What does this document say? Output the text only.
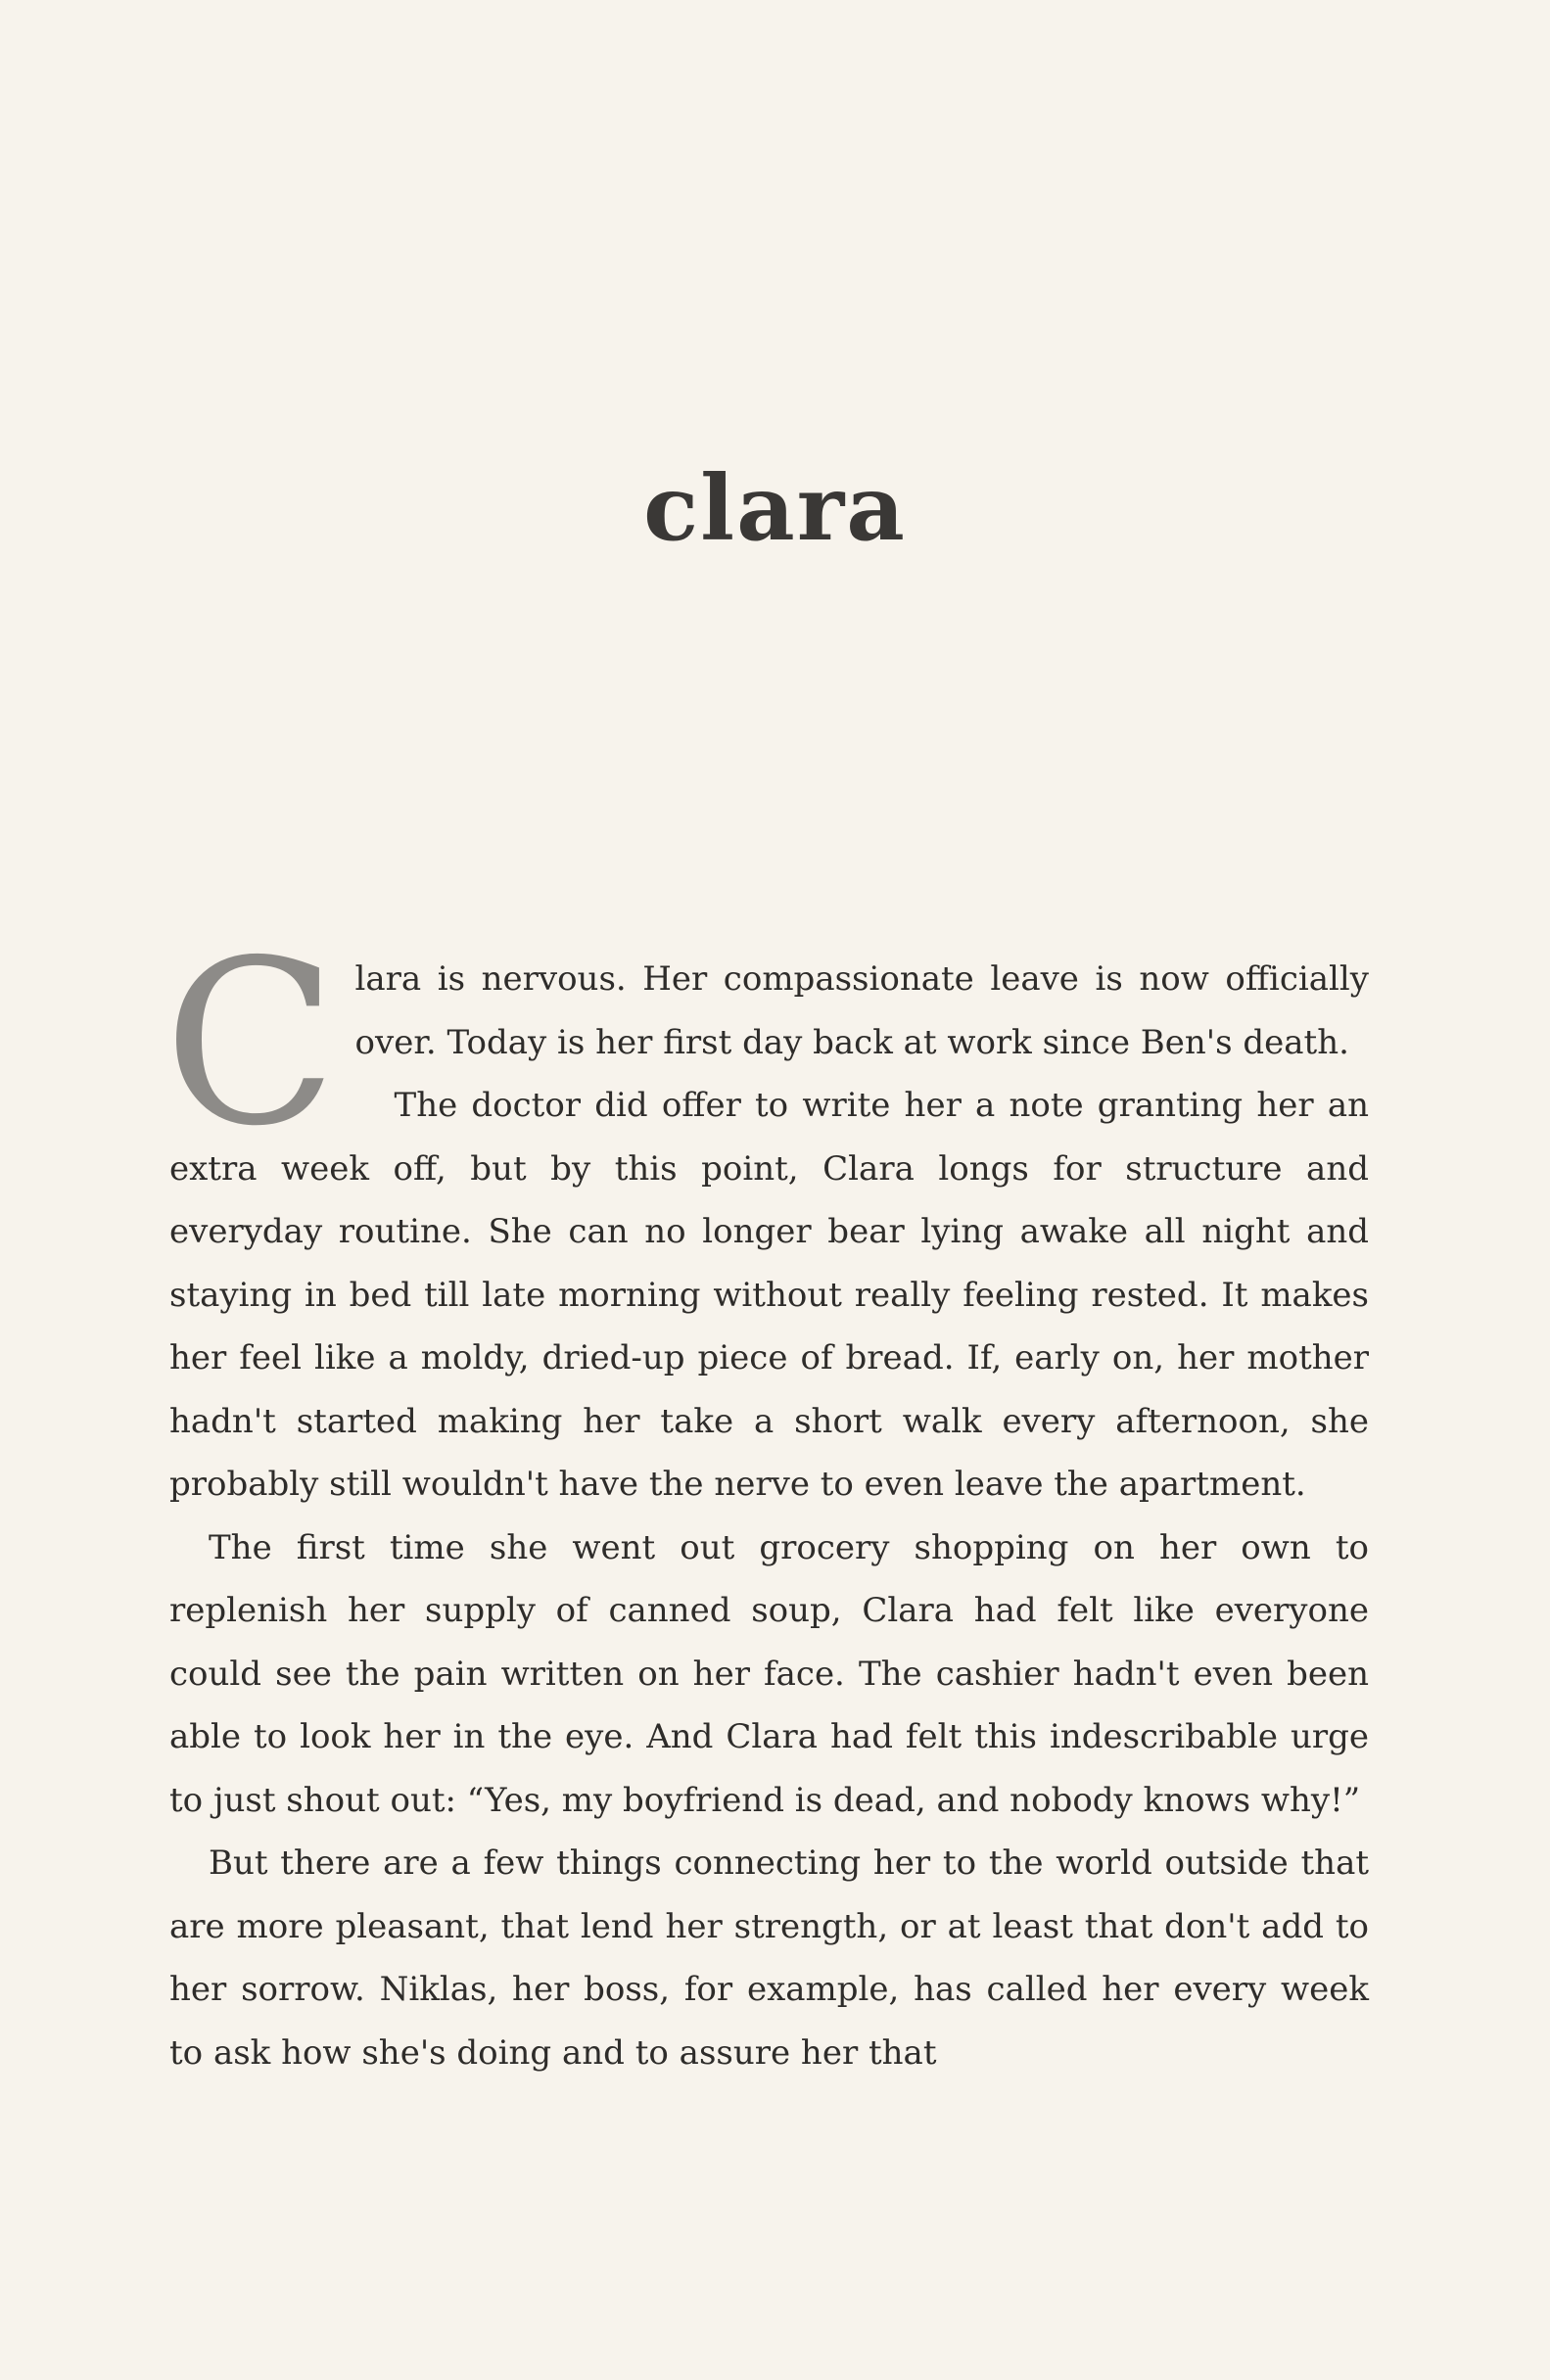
clara

Clara is nervous. Her compassionate leave is now officially over. Today is her first day back at work since Ben's death.

The doctor did offer to write her a note granting her an extra week off, but by this point, Clara longs for structure and everyday routine. She can no longer bear lying awake all night and staying in bed till late morning without really feeling rested. It makes her feel like a moldy, dried-up piece of bread. If, early on, her mother hadn't started making her take a short walk every afternoon, she probably still wouldn't have the nerve to even leave the apartment.

The first time she went out grocery shopping on her own to replenish her supply of canned soup, Clara had felt like everyone could see the pain written on her face. The cashier hadn't even been able to look her in the eye. And Clara had felt this indescribable urge to just shout out: “Yes, my boyfriend is dead, and nobody knows why!”

But there are a few things connecting her to the world outside that are more pleasant, that lend her strength, or at least that don't add to her sorrow. Niklas, her boss, for example, has called her every week to ask how she's doing and to assure her that
